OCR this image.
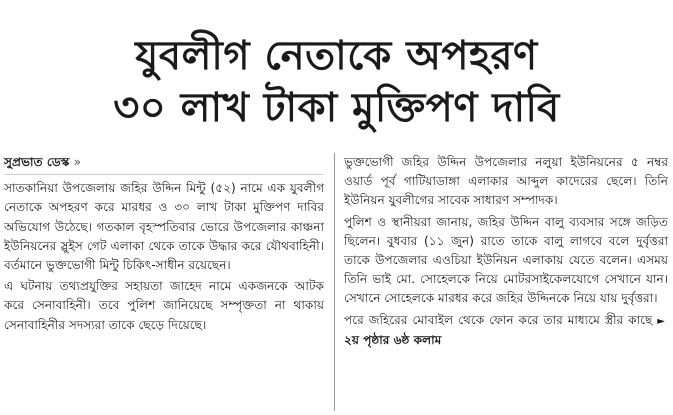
যুবলীগ নেতাকে অপহরণ
৩০ লাখ টাকা মুক্তিপণ দাবি

সুপ্রভাত ডেস্ক »

সাতকানিয়া উপজেলায় জহির উদ্দিন মিন্টু (৫২) নামে এক যুবলীগ নেতাকে অপহরণ করে মারধর ও ৩০ লাখ টাকা মুক্তিপণ দাবির অভিযোগ উঠেছে। গতকাল বৃহস্পতিবার ভোরে উপজেলার কাঞ্চনা ইউনিয়নের স্লুইস গেট এলাকা থেকে তাকে উদ্ধার করে যৌথবাহিনী। বর্তমানে ভুক্তভোগী মিন্টু চিকিৎ-সাধীন রয়েছেন।

এ ঘটনায় তথ্যপ্রযুক্তির সহায়তা জাহেদ নামে একজনকে আটক করে সেনাবাহিনী। তবে পুলিশ জানিয়েছে সম্পৃক্ততা না থাকায় সেনাবাহিনীর সদস্যরা তাকে ছেড়ে দিয়েছে।

ভুক্তভোগী জহির উদ্দিন উপজেলার নলুয়া ইউনিয়নের ৫ নম্বর ওয়ার্ড পূর্ব গাটিয়াডাঙ্গা এলাকার আব্দুল কাদেরের ছেলে। তিনি ইউনিয়ন যুবলীগের সাবেক সাধারণ সম্পাদক।

পুলিশ ও স্থানীয়রা জানায়, জহির উদ্দিন বালু ব্যবসার সঙ্গে জড়িত ছিলেন। বুধবার (১১ জুন) রাতে তাকে বালু লাগবে বলে দুর্বৃত্তরা তাকে উপজেলার এওচিয়া ইউনিয়ন এলাকায় যেতে বলেন। এসময় তিনি ভাই মো. সোহেলকে নিয়ে মোটরসাইকেলযোগে সেখানে যান। সেখানে সোহেলকে মারধর করে জহির উদ্দিনকে নিয়ে যায় দুর্বৃত্তরা।

পরে জহিরের মোবাইল থেকে ফোন করে তার মাধ্যমে স্ত্রীর কাছে ►২য় পৃষ্ঠার ৬ষ্ঠ কলাম
